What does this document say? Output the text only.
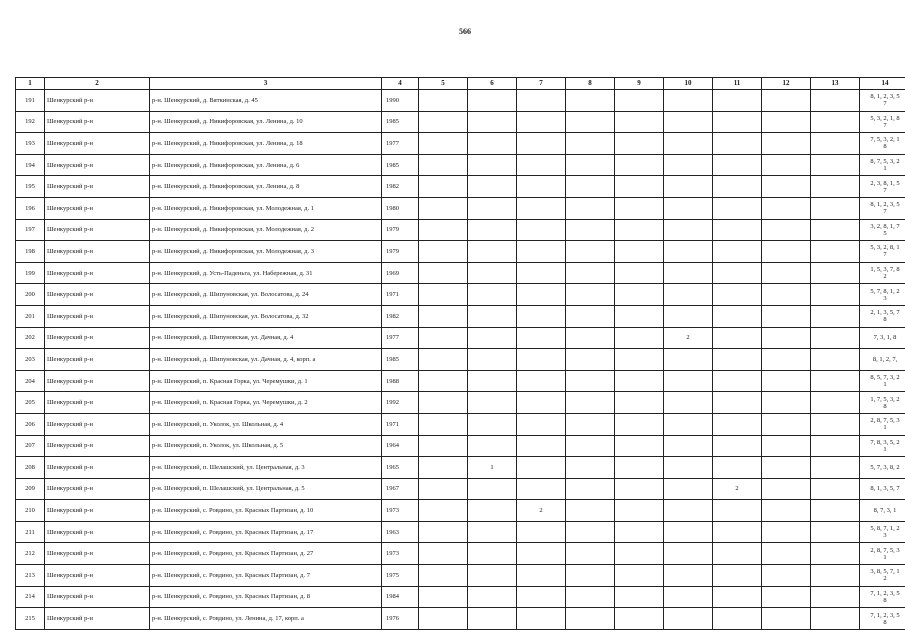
566
1	2	3	4	5	6	7	8	9	10	11	12	13	14
191	Шенкурский р-н	р-н. Шенкурский, д. Вяткинская, д. 45	1990										8, 1, 2, 3, 5
7

192	Шенкурский р-н	р-н. Шенкурский, д. Никифоровская, ул. Ленина, д. 10	1985										5, 3, 2, 1, 8
7

193	Шенкурский р-н	р-н. Шенкурский, д. Никифоровская, ул. Ленина, д. 18	1977										7, 5, 3, 2, 1
8

194	Шенкурский р-н	р-н. Шенкурский, д. Никифоровская, ул. Ленина, д. 6	1985										8, 7, 5, 3, 2
1

195	Шенкурский р-н	р-н. Шенкурский, д. Никифоровская, ул. Ленина, д. 8	1982										2, 3, 8, 1, 5
7

196	Шенкурский р-н	р-н. Шенкурский, д. Никифоровская, ул. Молодежная, д. 1	1980										8, 1, 2, 3, 5
7

197	Шенкурский р-н	р-н. Шенкурский, д. Никифоровская, ул. Молодежная, д. 2	1979										3, 2, 8, 1, 7
5

198	Шенкурский р-н	р-н. Шенкурский, д. Никифоровская, ул. Молодежная, д. 3	1979										5, 3, 2, 8, 1
7

199	Шенкурский р-н	р-н. Шенкурский, д. Усть-Паденьга, ул. Набережная, д. 31	1969										1, 5, 3, 7, 8
2

200	Шенкурский р-н	р-н. Шенкурский, д. Шипуновская, ул. Волосатова, д. 24	1971										5, 7, 8, 1, 2
3

201	Шенкурский р-н	р-н. Шенкурский, д. Шипуновская, ул. Волосатова, д. 32	1982										2, 1, 3, 5, 7
8

202	Шенкурский р-н	р-н. Шенкурский, д. Шипуновская, ул. Дачная, д. 4	1977						2				7, 3, 1, 8

203	Шенкурский р-н	р-н. Шенкурский, д. Шипуновская, ул. Дачная, д. 4, корп. а	1985										8, 1, 2, 7,

204	Шенкурский р-н	р-н. Шенкурский, п. Красная Горка, ул. Черемушки, д. 1	1988										8, 5, 7, 3, 2
1

205	Шенкурский р-н	р-н. Шенкурский, п. Красная Горка, ул. Черемушки, д. 2	1992										1, 7, 5, 3, 2
8

206	Шенкурский р-н	р-н. Шенкурский, п. Уколок, ул. Школьная, д. 4	1971										2, 8, 7, 5, 3
1

207	Шенкурский р-н	р-н. Шенкурский, п. Уколок, ул. Школьная, д. 5	1964										7, 8, 3, 5, 2
1

208	Шенкурский р-н	р-н. Шенкурский, п. Шелашский, ул. Центральная, д. 3	1965		1								5, 7, 3, 8, 2

209	Шенкурский р-н	р-н. Шенкурский, п. Шелашский, ул. Центральная, д. 5	1967							2			8, 1, 3, 5, 7

210	Шенкурский р-н	р-н. Шенкурский, с. Ровдино, ул. Красных Партизан, д. 10	1973			2							8, 7, 3, 1

211	Шенкурский р-н	р-н. Шенкурский, с. Ровдино, ул. Красных Партизан, д. 17	1963										5, 8, 7, 1, 2
3

212	Шенкурский р-н	р-н. Шенкурский, с. Ровдино, ул. Красных Партизан, д. 27	1973										2, 8, 7, 5, 3
1

213	Шенкурский р-н	р-н. Шенкурский, с. Ровдино, ул. Красных Партизан, д. 7	1975										3, 8, 5, 7, 1
2

214	Шенкурский р-н	р-н. Шенкурский, с. Ровдино, ул. Красных Партизан, д. 8	1984										7, 1, 2, 3, 5
8

215	Шенкурский р-н	р-н. Шенкурский, с. Ровдино, ул. Ленина, д. 17, корп. а	1976										7, 1, 2, 3, 5
8
